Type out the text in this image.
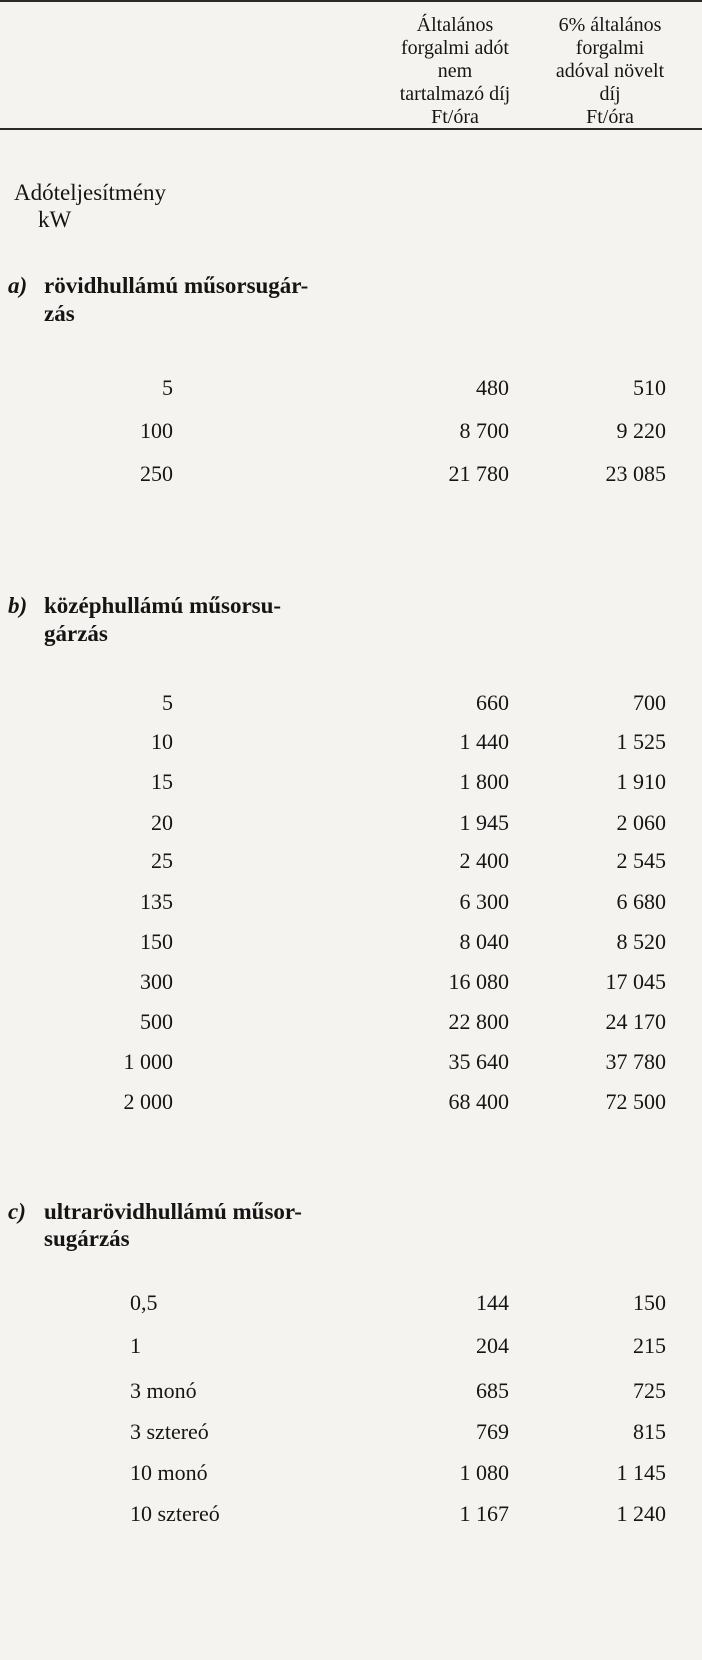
Általános
forgalmi adót
nem
tartalmazó díj
Ft/óra
6% általános
forgalmi
adóval növelt
díj
Ft/óra
Adóteljesítmény
kW
a) rövidhullámú műsorsugár-
zás
5	480	510
100	8 700	9 220
250	21 780	23 085
b) középhullámú műsorsu-
gárzás
5	660	700
10	1 440	1 525
15	1 800	1 910
20	1 945	2 060
25	2 400	2 545
135	6 300	6 680
150	8 040	8 520
300	16 080	17 045
500	22 800	24 170
1 000	35 640	37 780
2 000	68 400	72 500
c) ultrarövidhullámú műsor-
sugárzás
0,5	144	150
1	204	215
3 monó	685	725
3 sztereó	769	815
10 monó	1 080	1 145
10 sztereó	1 167	1 240
